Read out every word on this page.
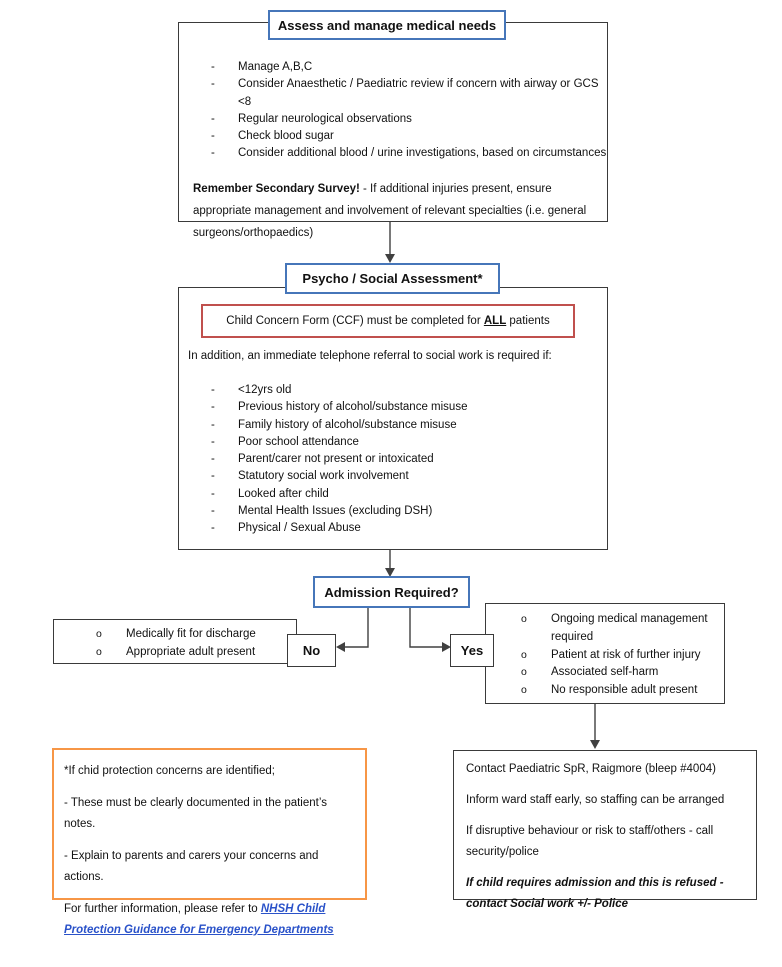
-	Manage A,B,C
-	Consider Anaesthetic / Paediatric review if concern with airway or GCS <8
-	Regular neurological observations
-	Check blood sugar
-	Consider additional blood / urine investigations, based on circumstances
Remember Secondary Survey! - If additional injuries present, ensure appropriate management and involvement of relevant specialties (i.e. general surgeons/orthopaedics)
Child Concern Form (CCF) must be completed for ALL patients
In addition, an immediate telephone referral to social work is required if:
-	<12yrs old
-	Previous history of alcohol/substance misuse
-	Family history of alcohol/substance misuse
-	Poor school attendance
-	Parent/carer not present or intoxicated
-	Statutory social work involvement
-	Looked after child
-	Mental Health Issues (excluding DSH)
-	Physical / Sexual Abuse
o	Medically fit for discharge
o	Appropriate adult present
o	Ongoing medical management required
o	Patient at risk of further injury
o	Associated self-harm
o	No responsible adult present

Contact Paediatric SpR, Raigmore (bleep #4004)

Inform ward staff early, so staffing can be arranged

If disruptive behaviour or risk to staff/others - call security/police

If child requires admission and this is refused - contact Social work +/- Police

*If chid protection concerns are identified;

- These must be clearly documented in the patient’s notes.

- Explain to parents and carers your concerns and actions.

For further information, please refer to NHSH Child Protection Guidance for Emergency Departments

Assess and manage medical needs
Psycho / Social Assessment*
Admission Required?
No	Yes
